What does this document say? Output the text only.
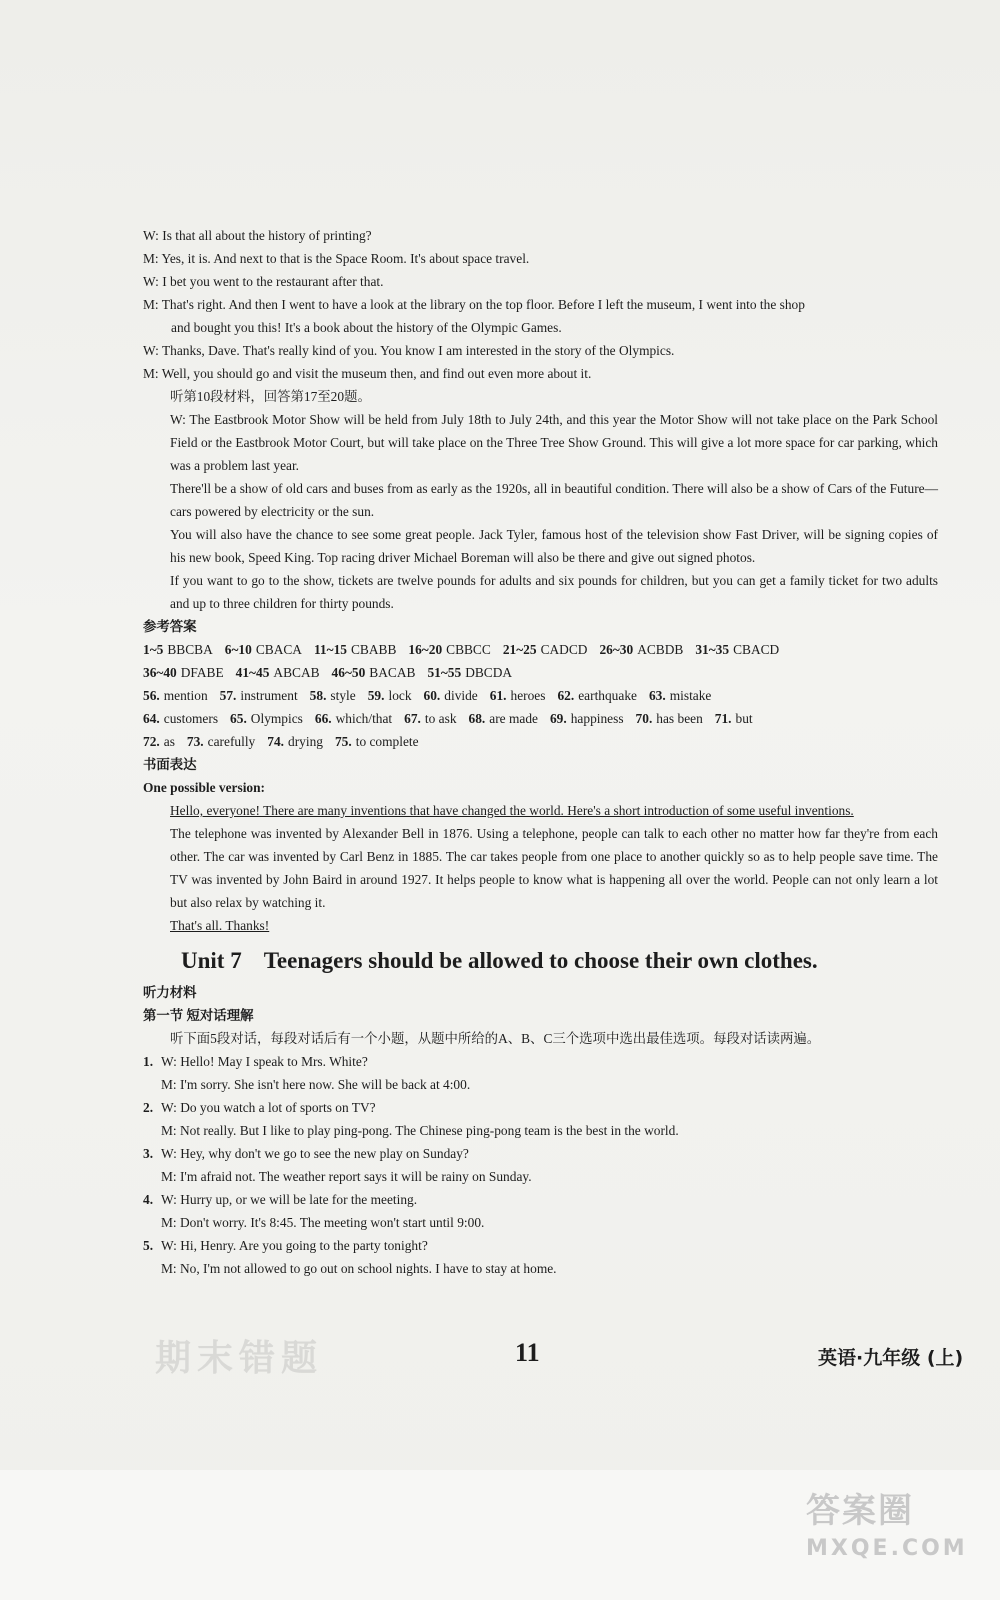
W: Is that all about the history of printing?
M: Yes, it is. And next to that is the Space Room. It's about space travel.
W: I bet you went to the restaurant after that.
M: That's right. And then I went to have a look at the library on the top floor. Before I left the museum, I went into the shop
and bought you this! It's a book about the history of the Olympic Games.
W: Thanks, Dave. That's really kind of you. You know I am interested in the story of the Olympics.
M: Well, you should go and visit the museum then, and find out even more about it.
听第10段材料，回答第17至20题。
W: The Eastbrook Motor Show will be held from July 18th to July 24th, and this year the Motor Show will not take place on the Park School Field or the Eastbrook Motor Court, but will take place on the Three Tree Show Ground. This will give a lot more space for car parking, which was a problem last year.
There'll be a show of old cars and buses from as early as the 1920s, all in beautiful condition. There will also be a show of Cars of the Future—cars powered by electricity or the sun.
You will also have the chance to see some great people. Jack Tyler, famous host of the television show Fast Driver, will be signing copies of his new book, Speed King. Top racing driver Michael Boreman will also be there and give out signed photos.
If you want to go to the show, tickets are twelve pounds for adults and six pounds for children, but you can get a family ticket for two adults and up to three children for thirty pounds.
参考答案
1~5 BBCBA 6~10 CBACA 11~15 CBABB 16~20 CBBCC 21~25 CADCD 26~30 ACBDB 31~35 CBACD
36~40 DFABE 41~45 ABCAB 46~50 BACAB 51~55 DBCDA
56. mention 57. instrument 58. style 59. lock 60. divide 61. heroes 62. earthquake 63. mistake
64. customers 65. Olympics 66. which/that 67. to ask 68. are made 69. happiness 70. has been 71. but
72. as 73. carefully 74. drying 75. to complete
书面表达
One possible version:
Hello, everyone! There are many inventions that have changed the world. Here's a short introduction of some useful inventions.
The telephone was invented by Alexander Bell in 1876. Using a telephone, people can talk to each other no matter how far they're from each other. The car was invented by Carl Benz in 1885. The car takes people from one place to another quickly so as to help people save time. The TV was invented by John Baird in around 1927. It helps people to know what is happening all over the world. People can not only learn a lot but also relax by watching it.
That's all. Thanks!
Unit 7 Teenagers should be allowed to choose their own clothes.
听力材料
第一节 短对话理解
听下面5段对话，每段对话后有一个小题，从题中所给的A、B、C三个选项中选出最佳选项。每段对话读两遍。
1. W: Hello! May I speak to Mrs. White?
M: I'm sorry. She isn't here now. She will be back at 4:00.
2. W: Do you watch a lot of sports on TV?
M: Not really. But I like to play ping-pong. The Chinese ping-pong team is the best in the world.
3. W: Hey, why don't we go to see the new play on Sunday?
M: I'm afraid not. The weather report says it will be rainy on Sunday.
4. W: Hurry up, or we will be late for the meeting.
M: Don't worry. It's 8:45. The meeting won't start until 9:00.
5. W: Hi, Henry. Are you going to the party tonight?
M: No, I'm not allowed to go out on school nights. I have to stay at home.
期末错题	11	英语·九年级 (上)
答案圈
MXQE.COM
